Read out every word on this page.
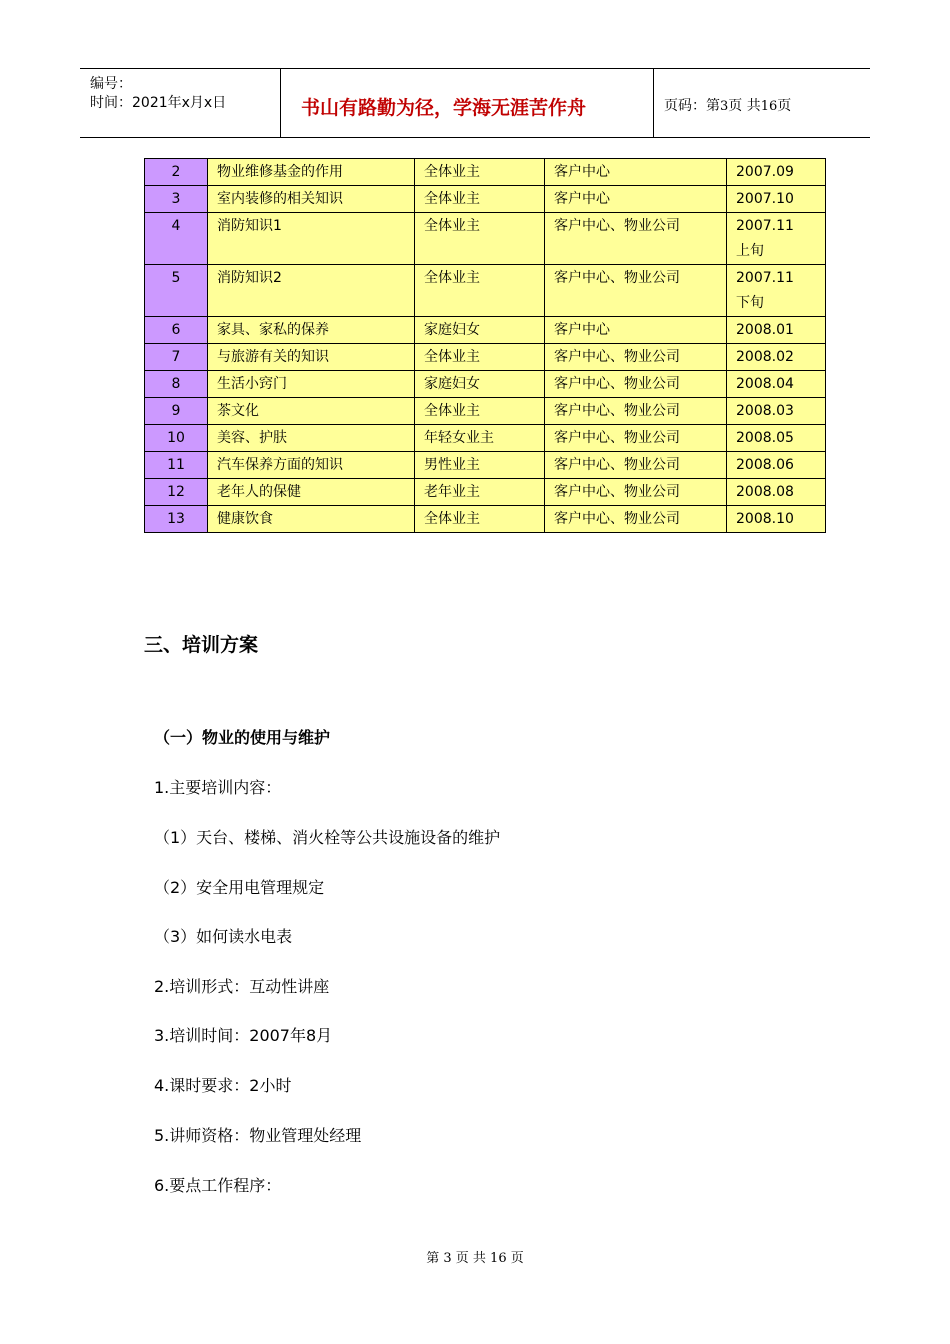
编号：
时间：2021年x月x日	书山有路勤为径，学海无涯苦作舟	页码：第3页 共16页
2	物业维修基金的作用	全体业主	客户中心	2007.09
3	室内装修的相关知识	全体业主	客户中心	2007.10
4	消防知识1	全体业主	客户中心、物业公司	2007.11
上旬
5	消防知识2	全体业主	客户中心、物业公司	2007.11
下旬
6	家具、家私的保养	家庭妇女	客户中心	2008.01
7	与旅游有关的知识	全体业主	客户中心、物业公司	2008.02
8	生活小窍门	家庭妇女	客户中心、物业公司	2008.04
9	茶文化	全体业主	客户中心、物业公司	2008.03
10	美容、护肤	年轻女业主	客户中心、物业公司	2008.05
11	汽车保养方面的知识	男性业主	客户中心、物业公司	2008.06
12	老年人的保健	老年业主	客户中心、物业公司	2008.08
13	健康饮食	全体业主	客户中心、物业公司	2008.10
三、培训方案
（一）物业的使用与维护
1.主要培训内容：
（1）天台、楼梯、消火栓等公共设施设备的维护
（2）安全用电管理规定
（3）如何读水电表
2.培训形式：互动性讲座
3.培训时间：2007年8月
4.课时要求：2小时
5.讲师资格：物业管理处经理
6.要点工作程序：
第 3 页 共 16 页
